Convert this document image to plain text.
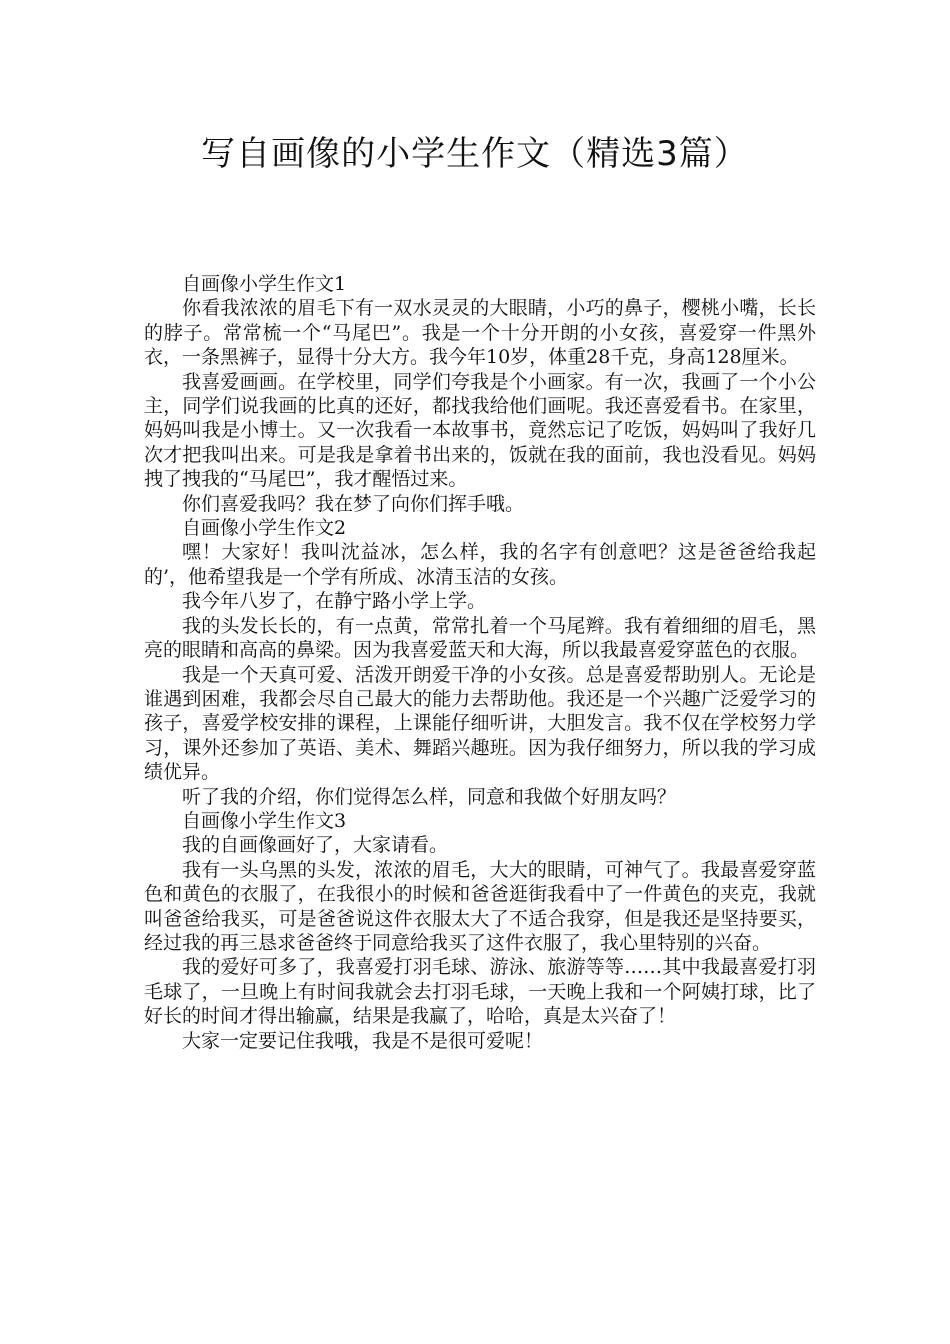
写自画像的小学生作文（精选3篇）

自画像小学生作文1

你看我浓浓的眉毛下有一双水灵灵的大眼睛，小巧的鼻子，樱桃小嘴，长长的脖子。常常梳一个“马尾巴”。我是一个十分开朗的小女孩，喜爱穿一件黑外衣，一条黑裤子，显得十分大方。我今年10岁，体重28千克，身高128厘米。

我喜爱画画。在学校里，同学们夸我是个小画家。有一次，我画了一个小公主，同学们说我画的比真的还好，都找我给他们画呢。我还喜爱看书。在家里，妈妈叫我是小博士。又一次我看一本故事书，竟然忘记了吃饭，妈妈叫了我好几次才把我叫出来。可是我是拿着书出来的，饭就在我的面前，我也没看见。妈妈拽了拽我的“马尾巴”，我才醒悟过来。

你们喜爱我吗？我在梦了向你们挥手哦。

自画像小学生作文2

嘿！大家好！我叫沈益冰，怎么样，我的名字有创意吧？这是爸爸给我起的’，他希望我是一个学有所成、冰清玉洁的女孩。

我今年八岁了，在静宁路小学上学。

我的头发长长的，有一点黄，常常扎着一个马尾辫。我有着细细的眉毛，黑亮的眼睛和高高的鼻梁。因为我喜爱蓝天和大海，所以我最喜爱穿蓝色的衣服。

我是一个天真可爱、活泼开朗爱干净的小女孩。总是喜爱帮助别人。无论是谁遇到困难，我都会尽自己最大的能力去帮助他。我还是一个兴趣广泛爱学习的孩子，喜爱学校安排的课程，上课能仔细听讲，大胆发言。我不仅在学校努力学习，课外还参加了英语、美术、舞蹈兴趣班。因为我仔细努力，所以我的学习成绩优异。

听了我的介绍，你们觉得怎么样，同意和我做个好朋友吗？

自画像小学生作文3

我的自画像画好了，大家请看。

我有一头乌黑的头发，浓浓的眉毛，大大的眼睛，可神气了。我最喜爱穿蓝色和黄色的衣服了，在我很小的时候和爸爸逛街我看中了一件黄色的夹克，我就叫爸爸给我买，可是爸爸说这件衣服太大了不适合我穿，但是我还是坚持要买，经过我的再三恳求爸爸终于同意给我买了这件衣服了，我心里特别的兴奋。

我的爱好可多了，我喜爱打羽毛球、游泳、旅游等等……其中我最喜爱打羽毛球了，一旦晚上有时间我就会去打羽毛球，一天晚上我和一个阿姨打球，比了好长的时间才得出输赢，结果是我赢了，哈哈，真是太兴奋了！

大家一定要记住我哦，我是不是很可爱呢！
